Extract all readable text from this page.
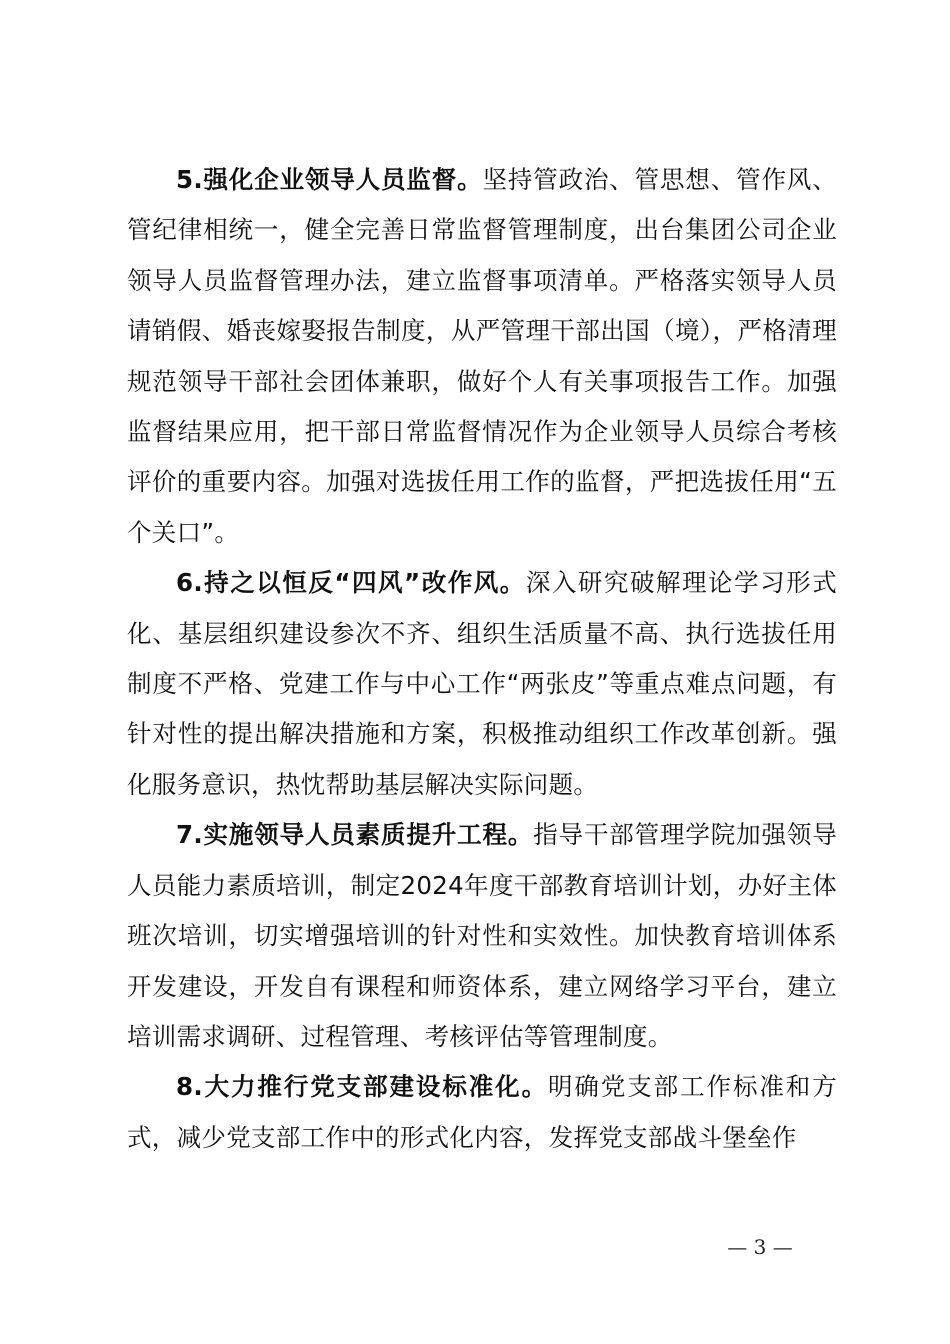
5.强化企业领导人员监督。坚持管政治、管思想、管作风、管纪律相统一，健全完善日常监督管理制度，出台集团公司企业领导人员监督管理办法，建立监督事项清单。严格落实领导人员请销假、婚丧嫁娶报告制度，从严管理干部出国（境），严格清理规范领导干部社会团体兼职，做好个人有关事项报告工作。加强监督结果应用，把干部日常监督情况作为企业领导人员综合考核评价的重要内容。加强对选拔任用工作的监督，严把选拔任用“五个关口”。

6.持之以恒反“四风”改作风。深入研究破解理论学习形式化、基层组织建设参次不齐、组织生活质量不高、执行选拔任用制度不严格、党建工作与中心工作“两张皮”等重点难点问题，有针对性的提出解决措施和方案，积极推动组织工作改革创新。强化服务意识，热忱帮助基层解决实际问题。

7.实施领导人员素质提升工程。指导干部管理学院加强领导人员能力素质培训，制定2024年度干部教育培训计划，办好主体班次培训，切实增强培训的针对性和实效性。加快教育培训体系开发建设，开发自有课程和师资体系，建立网络学习平台，建立培训需求调研、过程管理、考核评估等管理制度。

8.大力推行党支部建设标准化。明确党支部工作标准和方式，减少党支部工作中的形式化内容，发挥党支部战斗堡垒作

— 3 —
